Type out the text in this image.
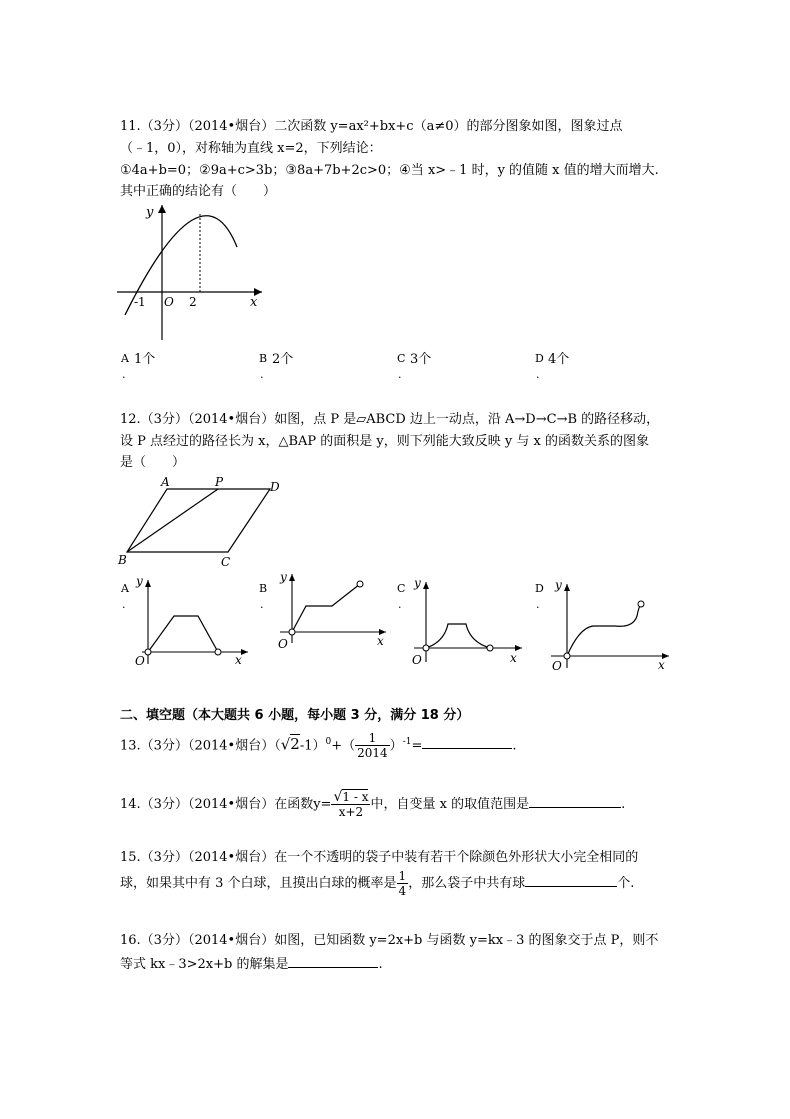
11.（3分）（2014•烟台）二次函数 y=ax²+bx+c（a≠0）的部分图象如图，图象过点
（﹣1，0），对称轴为直线 x=2，下列结论：
①4a+b=0；②9a+c>3b；③8a+7b+2c>0；④当 x>﹣1 时，y 的值随 x 值的增大而增大.
其中正确的结论有（　　）
y
x
-1 O 2
A
.
1个	B
.
2个	C
.
3个	D
.
4个
12.（3分）（2014•烟台）如图，点 P 是▱ABCD 边上一动点，沿 A→D→C→B 的路径移动，
设 P 点经过的路径长为 x，△BAP 的面积是 y，则下列能大致反映 y 与 x 的函数关系的图象
是（　　）
A	P	D
B	C
A
.
y
x
O
B
.
y
x
O
C
.
y
x
O
D
.
y
x
O
二、填空题（本大题共 6 小题，每小题 3 分，满分 18 分）
13.（3分）（2014•烟台）$(√2-1)^0+( \frac{1}{2014} )^{-1}=$	.
14.（3分）（2014•烟台）在函数$y= \frac{√1 - x}{x+2}$ 中，自变量 x 的取值范围是	.
15.（3分）（2014•烟台）在一个不透明的袋子中装有若干个除颜色外形状大小完全相同的
球，如果其中有 3 个白球，且摸出白球的概率是 $\frac{1}{4}$ ，那么袋子中共有球	个.
16.（3分）（2014•烟台）如图，已知函数 y=2x+b 与函数 y=kx﹣3 的图象交于点 P，则不
等式 kx﹣3>2x+b 的解集是	.
